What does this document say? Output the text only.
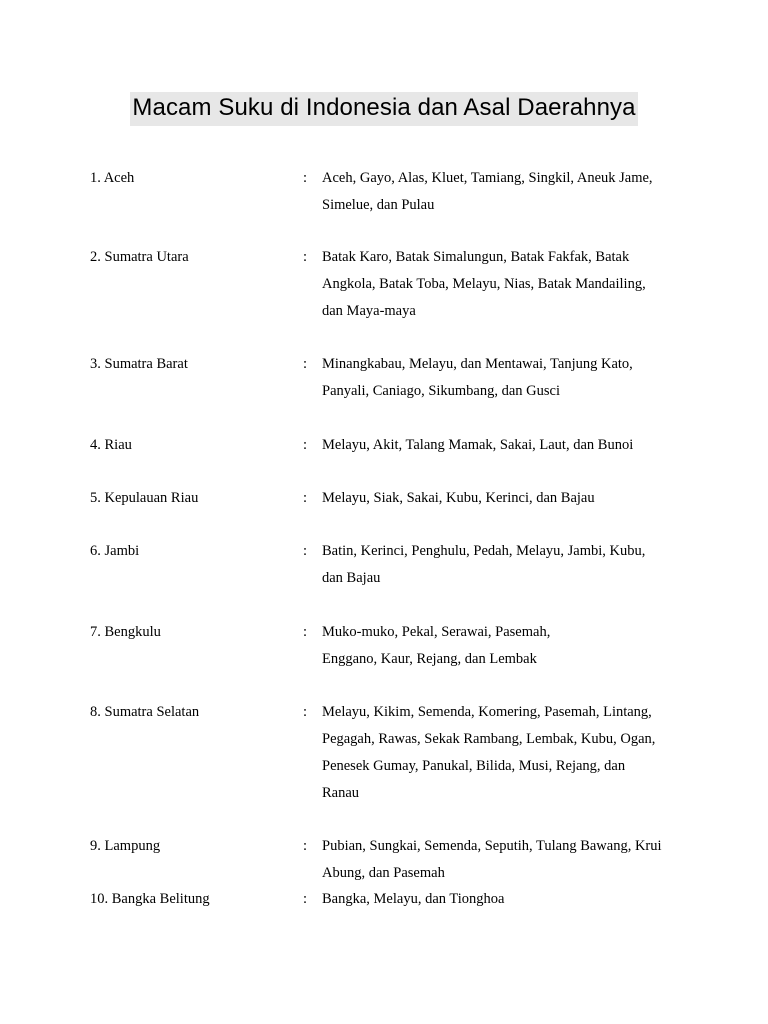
Macam Suku di Indonesia dan Asal Daerahnya
1. Aceh	: Aceh, Gayo, Alas, Kluet, Tamiang, Singkil, Aneuk Jame,
Simelue, dan Pulau
2. Sumatra Utara	: Batak Karo, Batak Simalungun, Batak Fakfak, Batak
Angkola, Batak Toba, Melayu, Nias, Batak Mandailing,
dan Maya-maya
3. Sumatra Barat	: Minangkabau, Melayu, dan Mentawai, Tanjung Kato,
Panyali, Caniago, Sikumbang, dan Gusci
4. Riau	: Melayu, Akit, Talang Mamak, Sakai, Laut, dan Bunoi
5. Kepulauan Riau	: Melayu, Siak, Sakai, Kubu, Kerinci, dan Bajau
6. Jambi	: Batin, Kerinci, Penghulu, Pedah, Melayu, Jambi, Kubu,
dan Bajau
7. Bengkulu	: Muko-muko, Pekal, Serawai, Pasemah,
Enggano, Kaur, Rejang, dan Lembak
8. Sumatra Selatan	: Melayu, Kikim, Semenda, Komering, Pasemah, Lintang,
Pegagah, Rawas, Sekak Rambang, Lembak, Kubu, Ogan,
Penesek Gumay, Panukal, Bilida, Musi, Rejang, dan
Ranau
9. Lampung	: Pubian, Sungkai, Semenda, Seputih, Tulang Bawang, Krui
Abung, dan Pasemah
10. Bangka Belitung	: Bangka, Melayu, dan Tionghoa
